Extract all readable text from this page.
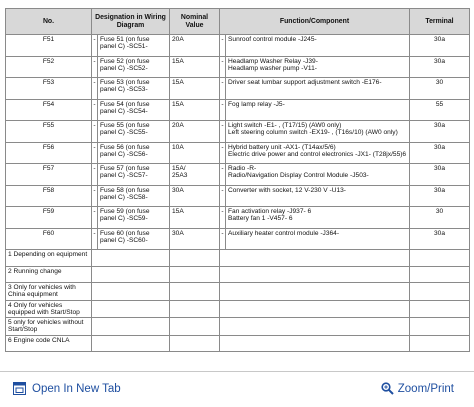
No.	Designation in Wiring Diagram		Nominal Value	Function/Component		Terminal	
F51	-	Fuse 51 (on fuse panel C) -SC51-	20A	-	Sunroof control module -J245-	30a	
F52	-	Fuse 52 (on fuse panel C) -SC52-	15A	-	Headlamp Washer Relay -J39-
Headlamp washer pump -V11-	30a	
F53	-	Fuse 53 (on fuse panel C) -SC53-	15A	-	Driver seat lumbar support adjustment switch -E176-	30	
F54	-	Fuse 54 (on fuse panel C) -SC54-	15A	-	Fog lamp relay -J5-	55	
F55	-	Fuse 55 (on fuse panel C) -SC55-	20A	-	Light switch -E1- , (T17/15) (AW0 only)
Left steering column switch -EX19- , (T16s/10) (AW0 only)	30a	
F56	-	Fuse 56 (on fuse panel C) -SC56-	10A	-	Hybrid battery unit -AX1- (T14ax/5/6)
Electric drive power and control electronics -JX1- (T28jx/55)6	30a	
F57	-	Fuse 57 (on fuse panel C) -SC57-	15A/
25A3	-	Radio -R-
Radio/Navigation Display Control Module -J503-	30a	
F58	-	Fuse 58 (on fuse panel C) -SC58-	30A	-	Converter with socket, 12 V-230 V -U13-	30a	
F59	-	Fuse 59 (on fuse panel C) -SC59-	15A	-	Fan activation relay -J937- 6
Battery fan 1 -V457- 6	30	
F60	-	Fuse 60 (on fuse panel C) -SC60-	30A	-	Auxiliary heater control module -J364-	30a	
1 Depending on equipment							
2 Running change							
3 Only for vehicles with China equipment							
4 Only for vehicles equipped with Start/Stop							
5 only for vehicles without Start/Stop							
6 Engine code CNLA							
Open In New Tab	Zoom/Print
